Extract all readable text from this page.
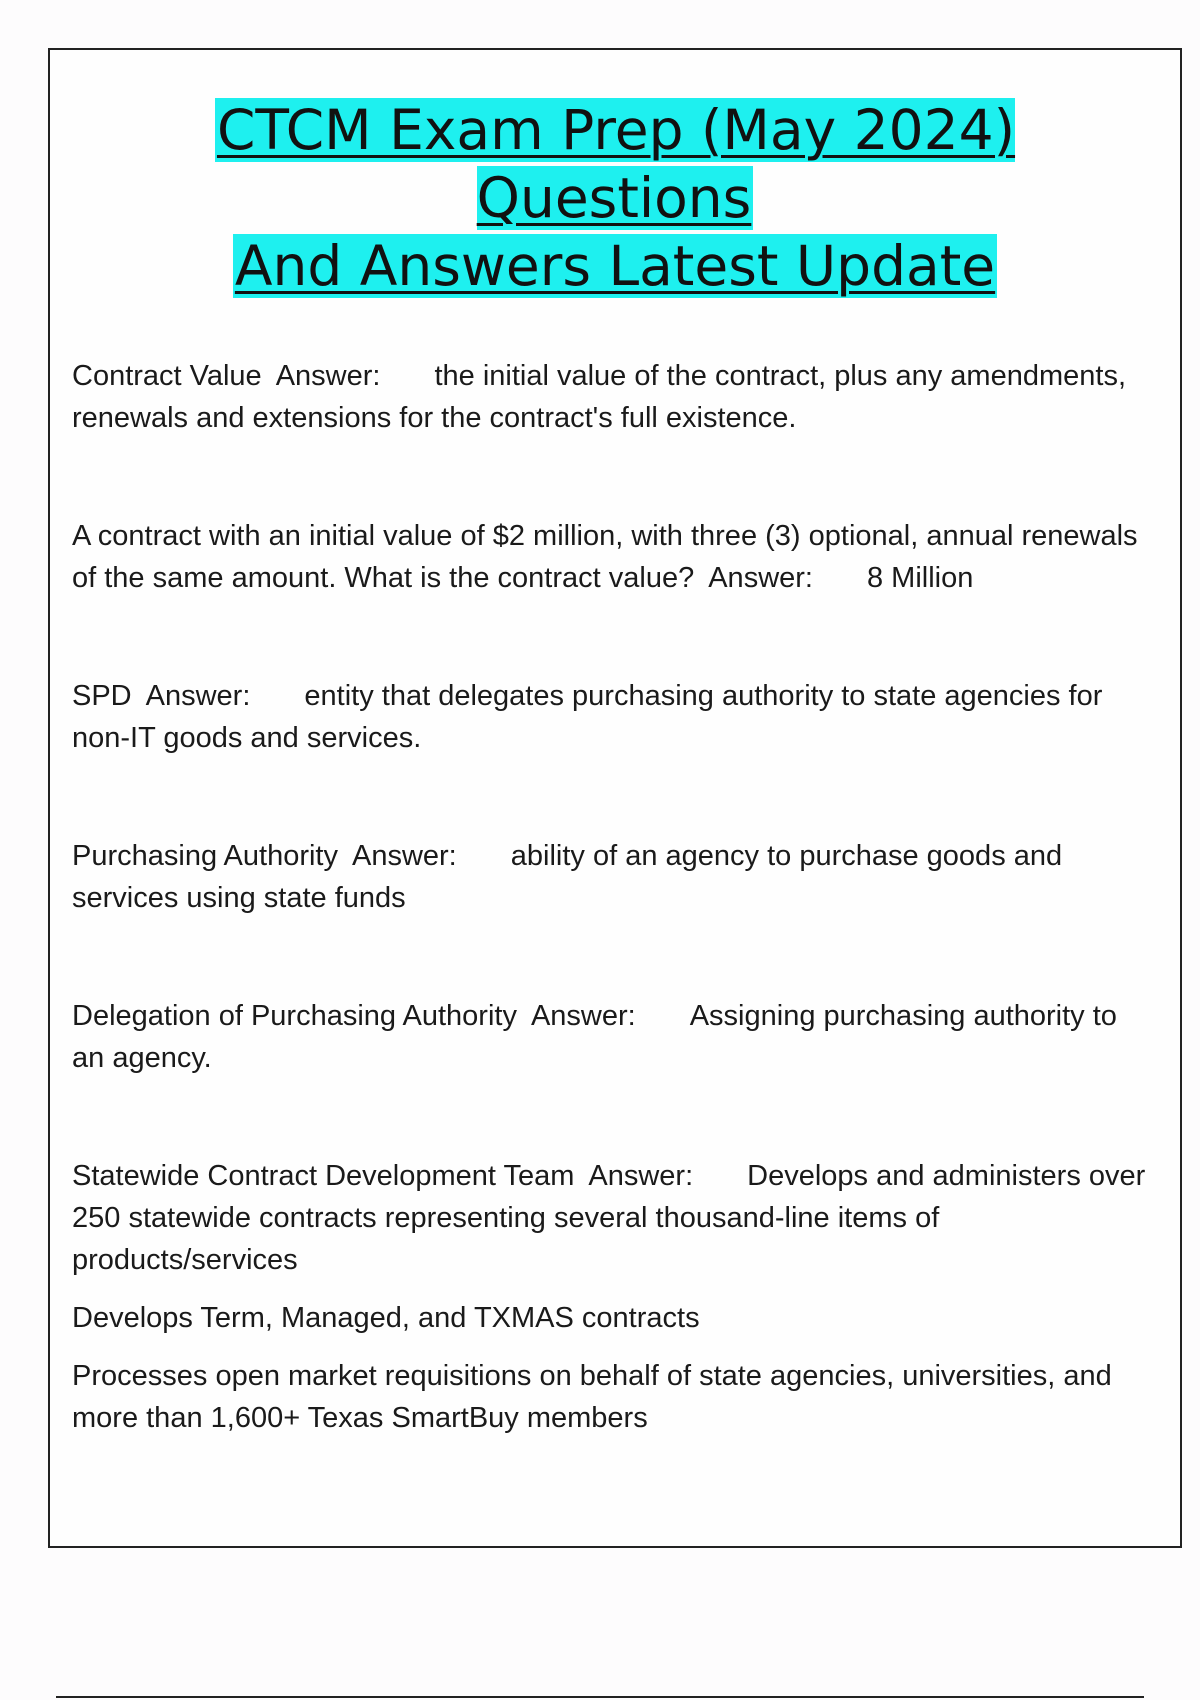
CTCM Exam Prep (May 2024) Questions
And Answers Latest Update

Contract Value Answer: the initial value of the contract, plus any amendments, renewals and extensions for the contract's full existence.

A contract with an initial value of $2 million, with three (3) optional, annual renewals of the same amount. What is the contract value? Answer: 8 Million

SPD Answer: entity that delegates purchasing authority to state agencies for non-IT goods and services.

Purchasing Authority Answer: ability of an agency to purchase goods and services using state funds

Delegation of Purchasing Authority Answer: Assigning purchasing authority to an agency.

Statewide Contract Development Team Answer: Develops and administers over 250 statewide contracts representing several thousand-line items of products/services

Develops Term, Managed, and TXMAS contracts

Processes open market requisitions on behalf of state agencies, universities, and more than 1,600+ Texas SmartBuy members
